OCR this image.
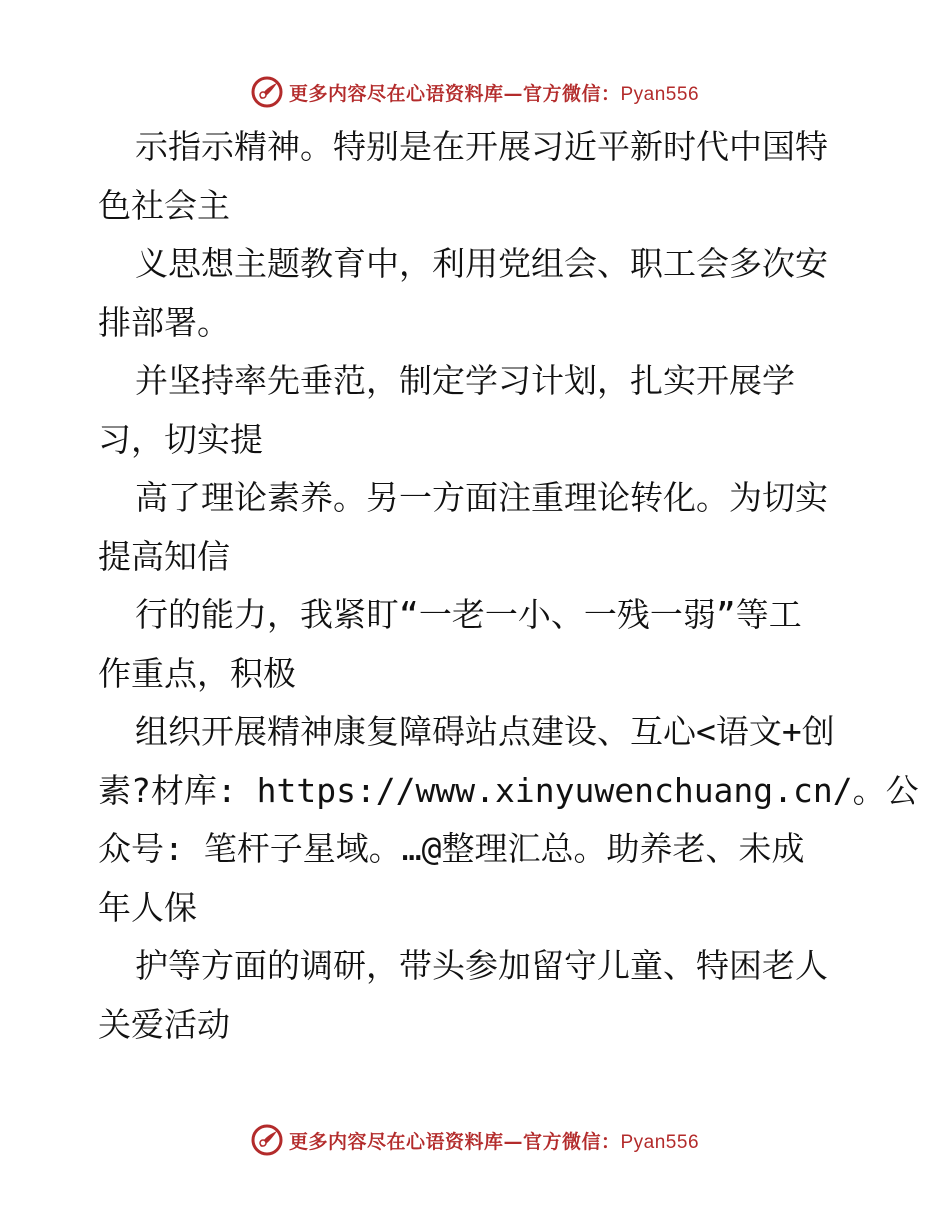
更多内容尽在心语资料库—官方微信：Pyan556
示指示精神。特别是在开展习近平新时代中国特
色社会主
义思想主题教育中，利用党组会、职工会多次安
排部署。
并坚持率先垂范，制定学习计划，扎实开展学
习，切实提
高了理论素养。另一方面注重理论转化。为切实
提高知信
行的能力，我紧盯“一老一小、一残一弱”等工
作重点，积极
组织开展精神康复障碍站点建设、互心<语文+创
素?材库: https://www.xinyuwenchuang.cn/。公
众号: 笔杆子星域。…@整理汇总。助养老、未成
年人保
护等方面的调研，带头参加留守儿童、特困老人
关爱活动
更多内容尽在心语资料库—官方微信：Pyan556
